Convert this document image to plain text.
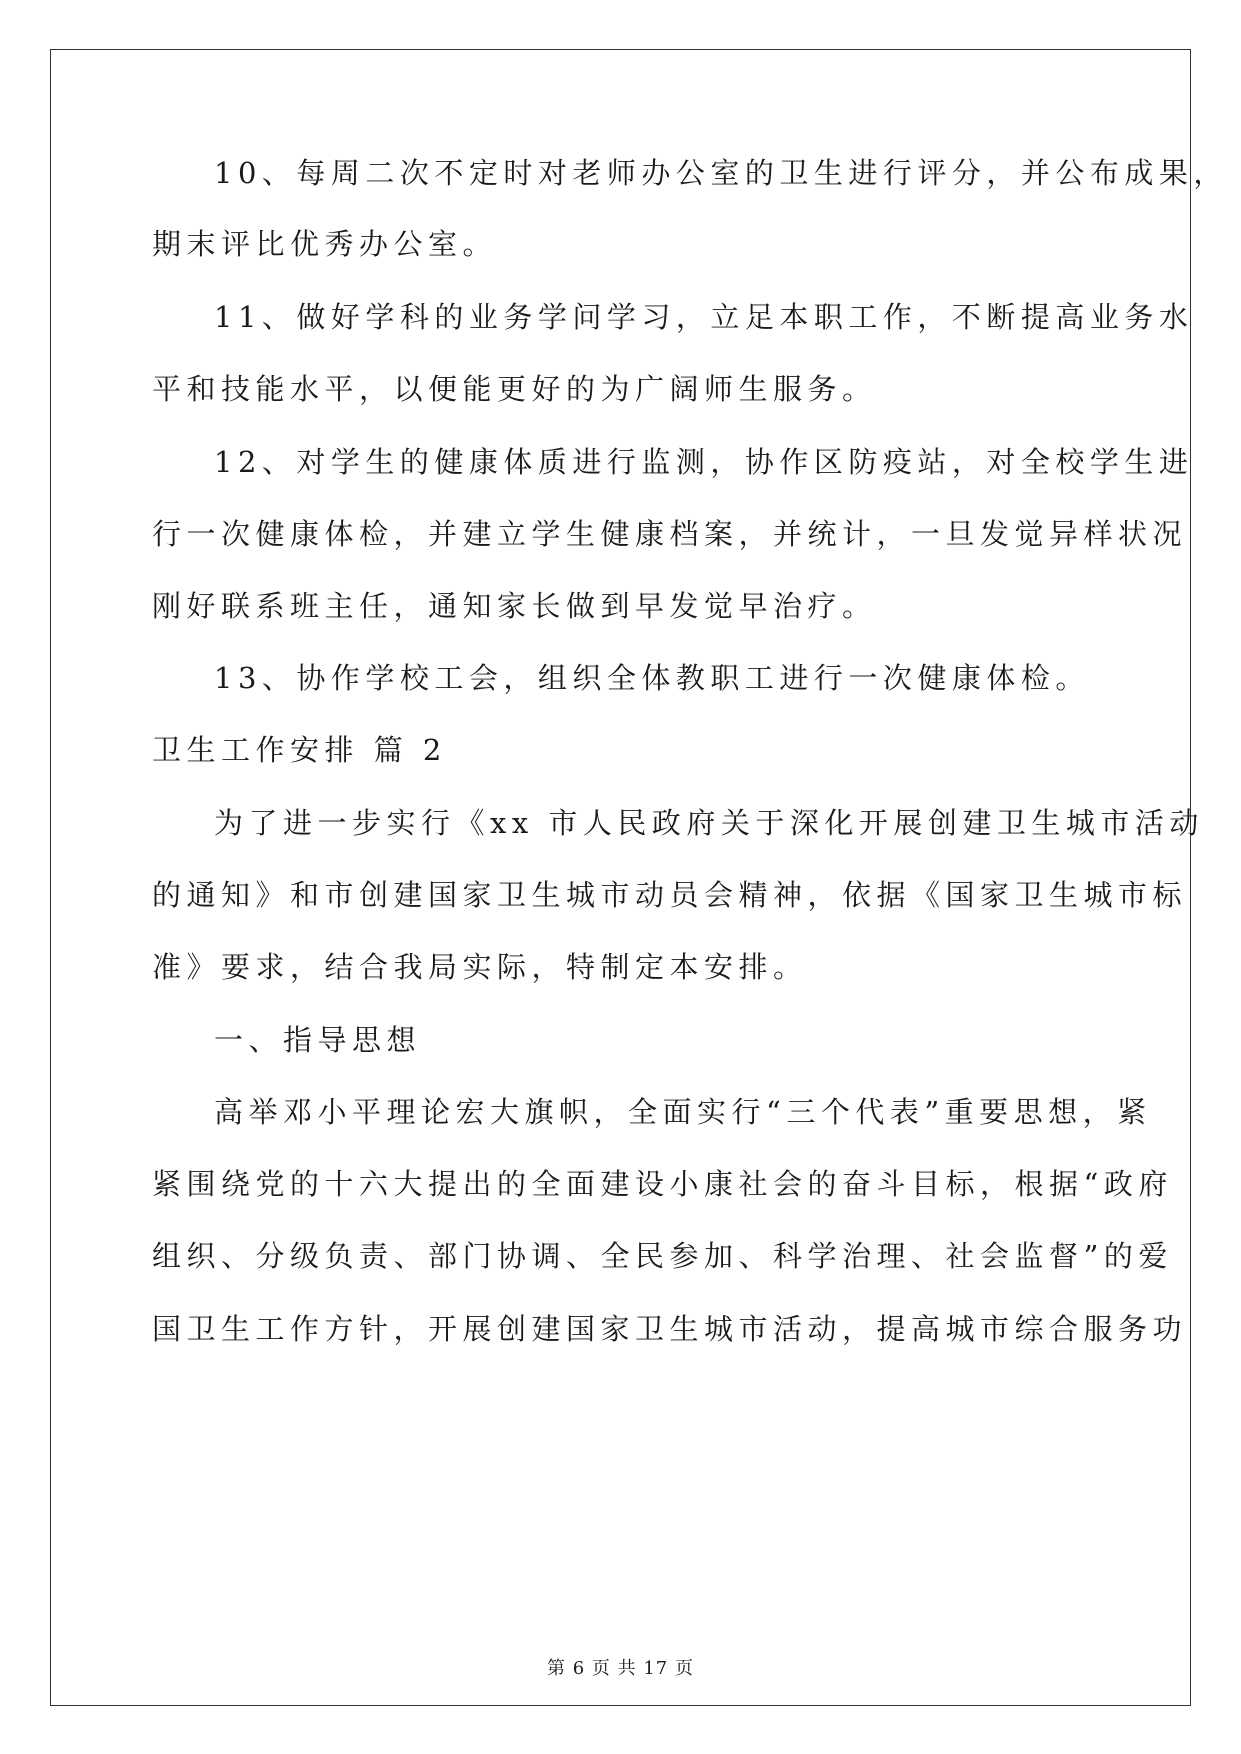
10、每周二次不定时对老师办公室的卫生进行评分，并公布成果，
期末评比优秀办公室。
11、做好学科的业务学问学习，立足本职工作，不断提高业务水
平和技能水平，以便能更好的为广阔师生服务。
12、对学生的健康体质进行监测，协作区防疫站，对全校学生进
行一次健康体检，并建立学生健康档案，并统计，一旦发觉异样状况
刚好联系班主任，通知家长做到早发觉早治疗。
13、协作学校工会，组织全体教职工进行一次健康体检。
卫生工作安排 篇 2
为了进一步实行《xx 市人民政府关于深化开展创建卫生城市活动
的通知》和市创建国家卫生城市动员会精神，依据《国家卫生城市标
准》要求，结合我局实际，特制定本安排。
一、指导思想
高举邓小平理论宏大旗帜，全面实行“三个代表”重要思想，紧
紧围绕党的十六大提出的全面建设小康社会的奋斗目标，根据“政府
组织、分级负责、部门协调、全民参加、科学治理、社会监督”的爱
国卫生工作方针，开展创建国家卫生城市活动，提高城市综合服务功
第 6 页 共 17 页
